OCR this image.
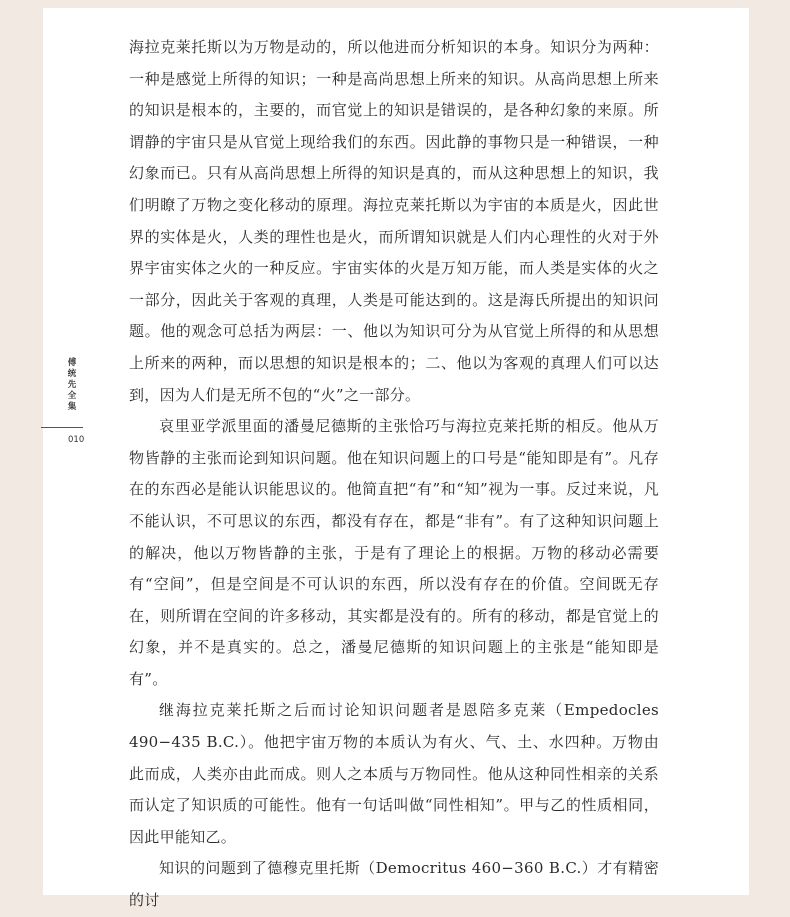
傅统先全集
010

海拉克莱托斯以为万物是动的，所以他进而分析知识的本身。知识分为两种：一种是感觉上所得的知识；一种是高尚思想上所来的知识。从高尚思想上所来的知识是根本的，主要的，而官觉上的知识是错误的，是各种幻象的来原。所谓静的宇宙只是从官觉上现给我们的东西。因此静的事物只是一种错误，一种幻象而已。只有从高尚思想上所得的知识是真的，而从这种思想上的知识，我们明瞭了万物之变化移动的原理。海拉克莱托斯以为宇宙的本质是火，因此世界的实体是火，人类的理性也是火，而所谓知识就是人们内心理性的火对于外界宇宙实体之火的一种反应。宇宙实体的火是万知万能，而人类是实体的火之一部分，因此关于客观的真理，人类是可能达到的。这是海氏所提出的知识问题。他的观念可总括为两层：一、他以为知识可分为从官觉上所得的和从思想上所来的两种，而以思想的知识是根本的；二、他以为客观的真理人们可以达到，因为人们是无所不包的“火”之一部分。

哀里亚学派里面的潘曼尼德斯的主张恰巧与海拉克莱托斯的相反。他从万物皆静的主张而论到知识问题。他在知识问题上的口号是“能知即是有”。凡存在的东西必是能认识能思议的。他简直把“有”和“知”视为一事。反过来说，凡不能认识，不可思议的东西，都没有存在，都是“非有”。有了这种知识问题上的解决，他以万物皆静的主张，于是有了理论上的根据。万物的移动必需要有“空间”，但是空间是不可认识的东西，所以没有存在的价值。空间既无存在，则所谓在空间的许多移动，其实都是没有的。所有的移动，都是官觉上的幻象，并不是真实的。总之，潘曼尼德斯的知识问题上的主张是“能知即是有”。

继海拉克莱托斯之后而讨论知识问题者是恩陪多克莱（Empedocles 490−435 B.C.）。他把宇宙万物的本质认为有火、气、土、水四种。万物由此而成，人类亦由此而成。则人之本质与万物同性。他从这种同性相亲的关系而认定了知识质的可能性。他有一句话叫做“同性相知”。甲与乙的性质相同，因此甲能知乙。

知识的问题到了德穆克里托斯（Democritus 460−360 B.C.）才有精密的讨
